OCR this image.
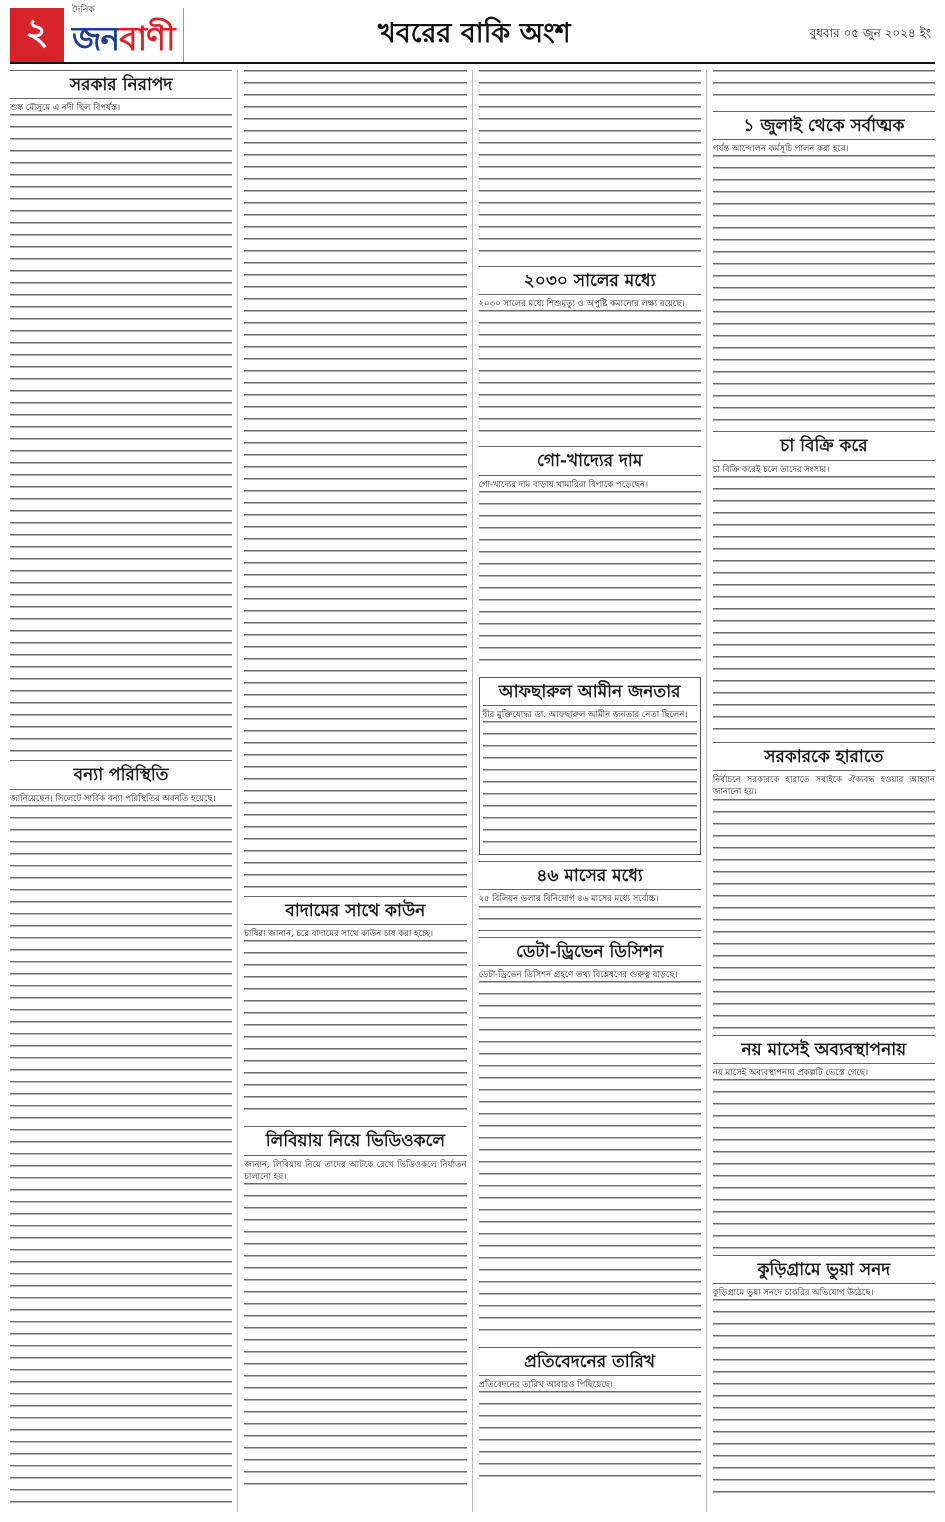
২
দৈনিক
জনবাণী	খবরের বাকি অংশ	বুধবার ০৫ জুন ২০২৪ ইং
সরকার নিরাপদ

শুষ্ক মৌসুমে এ নদী ছিল বিপর্যস্ত।

বন্যা পরিস্থিতি

জানিয়েছেন। সিলেটে সার্বিক বন্যা পরিস্থিতির অবনতি হয়েছে।

বাদামের সাথে কাউন

চাষিরা জানান, চরে বাদামের সাথে কাউন চাষ করা হচ্ছে।

লিবিয়ায় নিয়ে ভিডিওকলে

জানান, লিবিয়ায় নিয়ে তাদের আটকে রেখে ভিডিওকলে নির্যাতন চালানো হয়।

২০৩০ সালের মধ্যে

২০৩০ সালের মধ্যে শিশুমৃত্যু ও অপুষ্টি কমানোর লক্ষ্য রয়েছে।

গো-খাদ্যের দাম

গো-খাদ্যের দাম বাড়ায় খামারিরা বিপাকে পড়েছেন।

আফছারুল আমীন জনতার

বীর মুক্তিযোদ্ধা ডা. আফছারুল আমীন জনতার নেতা ছিলেন।

৪৬ মাসের মধ্যে

২৫ বিলিয়ন ডলার বিনিয়োগ ৪৬ মাসের মধ্যে সর্বোচ্চ।

ডেটা-ড্রিভেন ডিসিশন

ডেটা-ড্রিভেন ডিসিশন গ্রহণে তথ্য বিশ্লেষণের গুরুত্ব বাড়ছে।

প্রতিবেদনের তারিখ

প্রতিবেদনের তারিখ আবারও পিছিয়েছে।

১ জুলাই থেকে সর্বাত্মক

পর্যন্ত আন্দোলন কর্মসূচি পালন করা হবে।

চা বিক্রি করে

চা বিক্রি করেই চলে তাদের সংসার।

সরকারকে হারাতে

নির্বাচনে সরকারকে হারাতে সবাইকে ঐক্যবদ্ধ হওয়ার আহ্বান জানানো হয়।

নয় মাসেই অব্যবস্থাপনায়

নয় মাসেই অব্যবস্থাপনায় প্রকল্পটি ভেস্তে গেছে।

কুড়িগ্রামে ভুয়া সনদ

কুড়িগ্রামে ভুয়া সনদে চাকরির অভিযোগ উঠেছে।
